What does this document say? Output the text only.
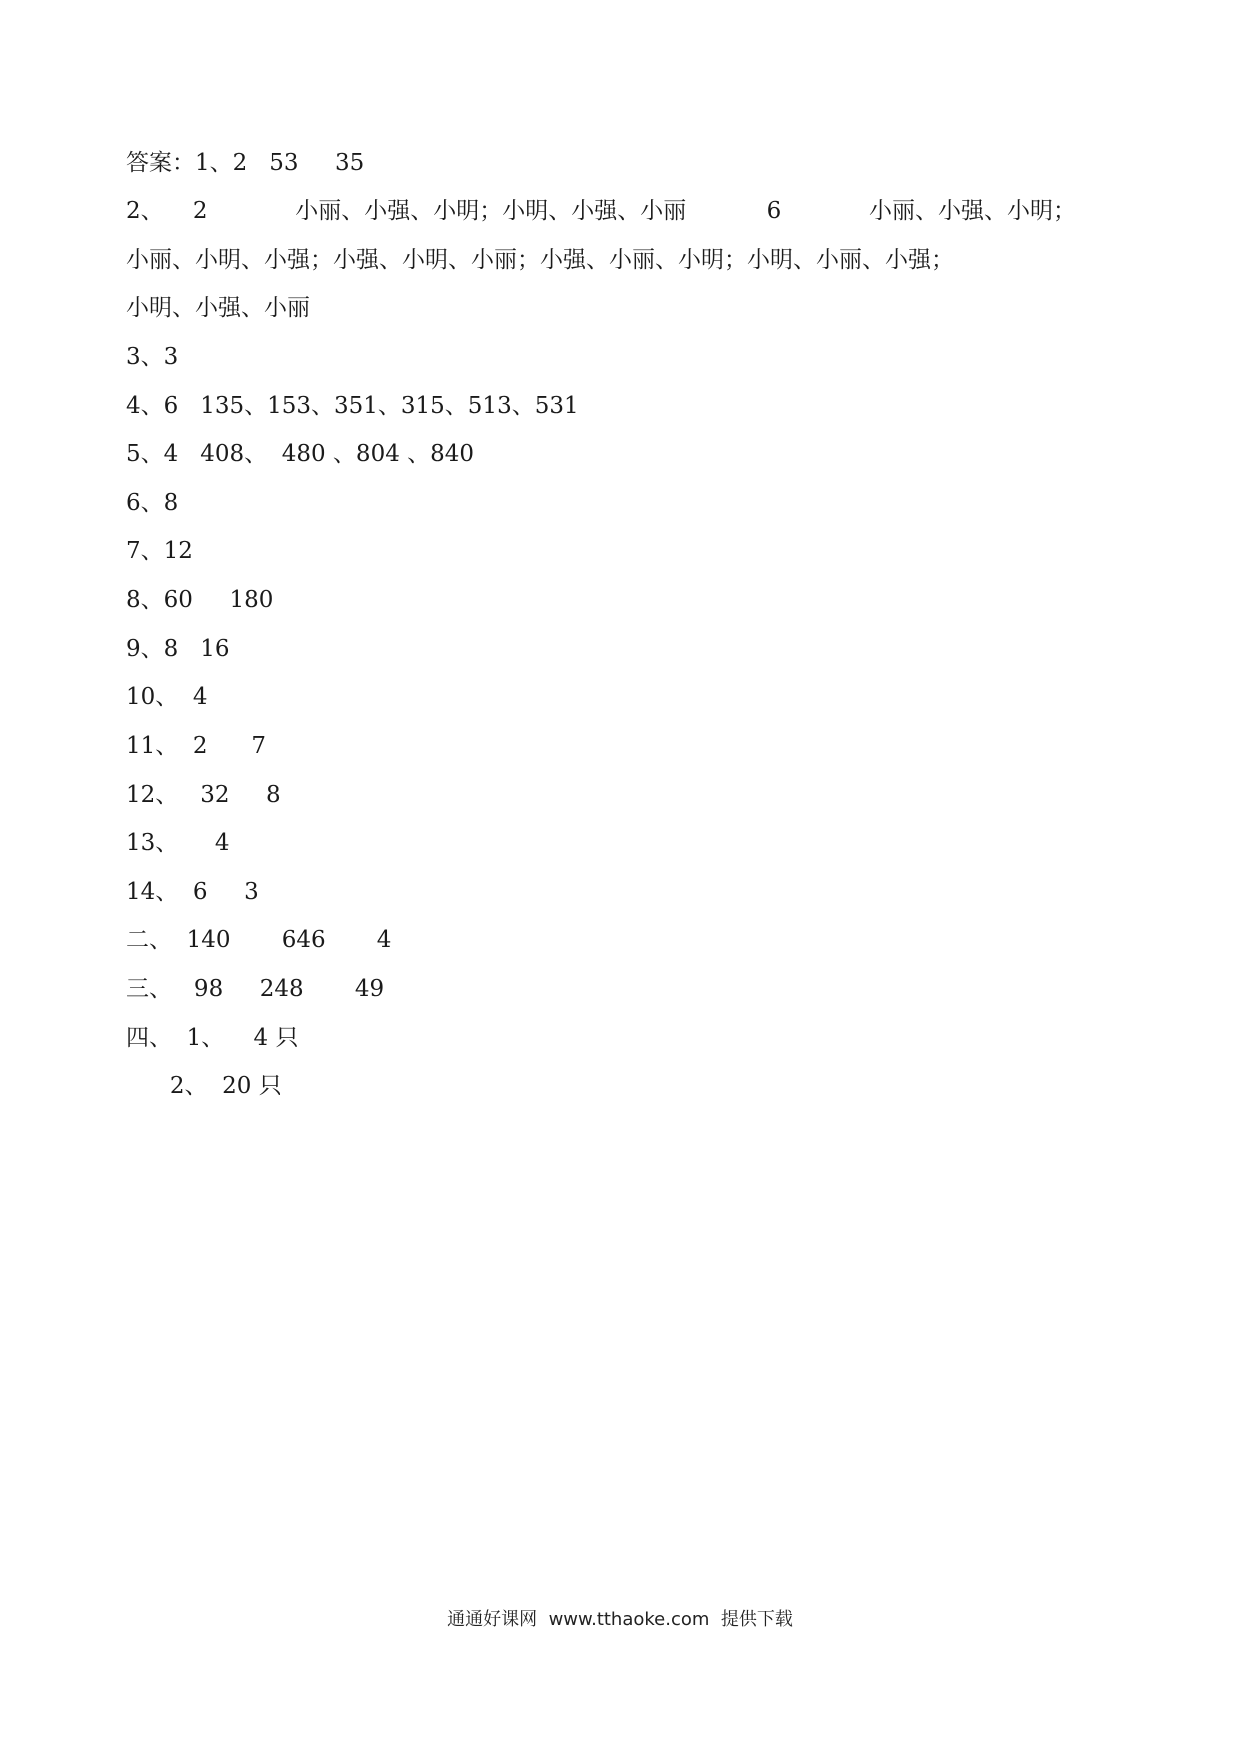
答案：1、2   53     35
2、    2            小丽、小强、小明；小明、小强、小丽           6            小丽、小强、小明；
小丽、小明、小强；小强、小明、小丽；小强、小丽、小明；小明、小丽、小强；
小明、小强、小丽
3、3
4、6   135、153、351、315、513、531
5、4   408、  480 、804 、840
6、8
7、12
8、60     180
9、8   16
10、  4
11、  2      7
12、   32     8
13、     4
14、  6     3
二、  140       646       4
三、   98     248       49
四、  1、    4 只
2、  20 只
通通好课网  www.tthaoke.com  提供下载
